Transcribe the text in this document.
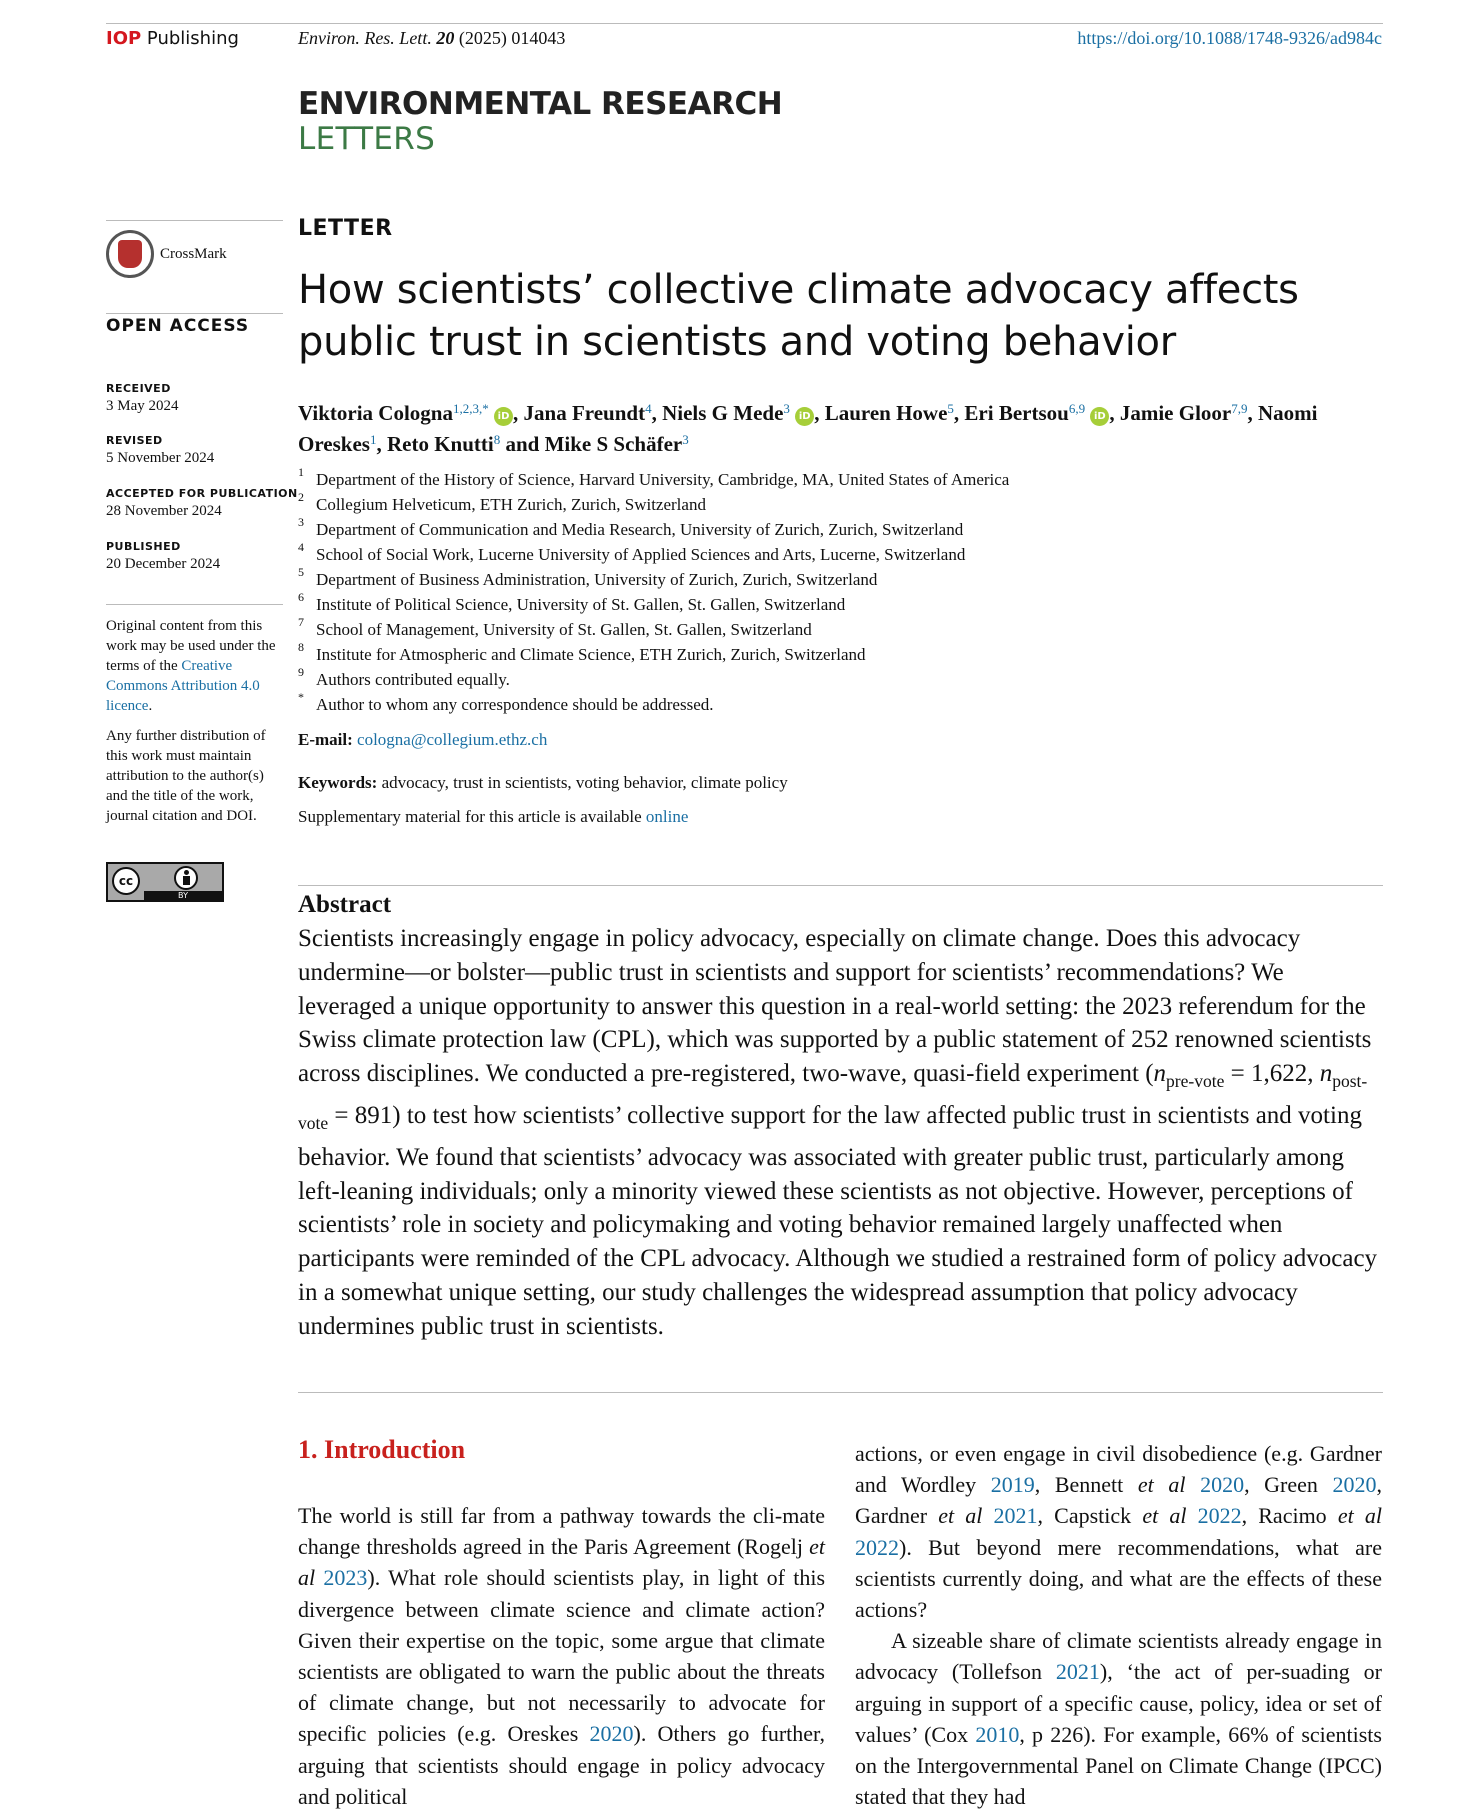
IOP Publishing	Environ. Res. Lett. 20 (2025) 014043	https://doi.org/10.1088/1748-9326/ad984c
ENVIRONMENTAL RESEARCH
LETTERS
CrossMark
OPEN ACCESS
RECEIVED
3 May 2024
REVISED
5 November 2024
ACCEPTED FOR PUBLICATION
28 November 2024
PUBLISHED
20 December 2024
Original content from this work may be used under the terms of the Creative Commons Attribution 4.0 licence.
Any further distribution of this work must maintain attribution to the author(s) and the title of the work, journal citation and DOI.
cc
BY
LETTER
How scientists’ collective climate advocacy affects public trust in scientists and voting behavior
Viktoria Cologna$^{1,2,3,*}$ iD , Jana Freundt$^4$, Niels G Mede$^3$ iD , Lauren Howe$^5$, Eri Bertsou$^{6,9}$ iD , Jamie Gloor$^{7,9}$, Naomi Oreskes$^1$, Reto Knutti$^8$ and Mike S Schäfer$^3$
1 Department of the History of Science, Harvard University, Cambridge, MA, United States of America
2 Collegium Helveticum, ETH Zurich, Zurich, Switzerland
3 Department of Communication and Media Research, University of Zurich, Zurich, Switzerland
4 School of Social Work, Lucerne University of Applied Sciences and Arts, Lucerne, Switzerland
5 Department of Business Administration, University of Zurich, Zurich, Switzerland
6 Institute of Political Science, University of St. Gallen, St. Gallen, Switzerland
7 School of Management, University of St. Gallen, St. Gallen, Switzerland
8 Institute for Atmospheric and Climate Science, ETH Zurich, Zurich, Switzerland
9 Authors contributed equally.
* Author to whom any correspondence should be addressed.
E-mail: cologna@collegium.ethz.ch
Keywords: advocacy, trust in scientists, voting behavior, climate policy
Supplementary material for this article is available online
Abstract
Scientists increasingly engage in policy advocacy, especially on climate change. Does this advocacy undermine—or bolster—public trust in scientists and support for scientists’ recommendations? We leveraged a unique opportunity to answer this question in a real-world setting: the 2023 referendum for the Swiss climate protection law (CPL), which was supported by a public statement of 252 renowned scientists across disciplines. We conducted a pre-registered, two-wave, quasi-field experiment ($n_{pre-vote} = 1,622$, $n_{post-vote} = 891$) to test how scientists’ collective support for the law affected public trust in scientists and voting behavior. We found that scientists’ advocacy was associated with greater public trust, particularly among left-leaning individuals; only a minority viewed these scientists as not objective. However, perceptions of scientists’ role in society and policymaking and voting behavior remained largely unaffected when participants were reminded of the CPL advocacy. Although we studied a restrained form of policy advocacy in a somewhat unique setting, our study challenges the widespread assumption that policy advocacy undermines public trust in scientists.
1. Introduction

The world is still far from a pathway towards the cli-mate change thresholds agreed in the Paris Agreement (Rogelj et al 2023). What role should scientists play, in light of this divergence between climate science and climate action? Given their expertise on the topic, some argue that climate scientists are obligated to warn the public about the threats of climate change, but not necessarily to advocate for specific policies (e.g. Oreskes 2020). Others go further, arguing that scientists should engage in policy advocacy and political

actions, or even engage in civil disobedience (e.g. Gardner and Wordley 2019, Bennett et al 2020, Green 2020, Gardner et al 2021, Capstick et al 2022, Racimo et al 2022). But beyond mere recommendations, what are scientists currently doing, and what are the effects of these actions?

A sizeable share of climate scientists already engage in advocacy (Tollefson 2021), ‘the act of per-suading or arguing in support of a specific cause, policy, idea or set of values’ (Cox 2010, p 226). For example, 66% of scientists on the Intergovernmental Panel on Climate Change (IPCC) stated that they had
